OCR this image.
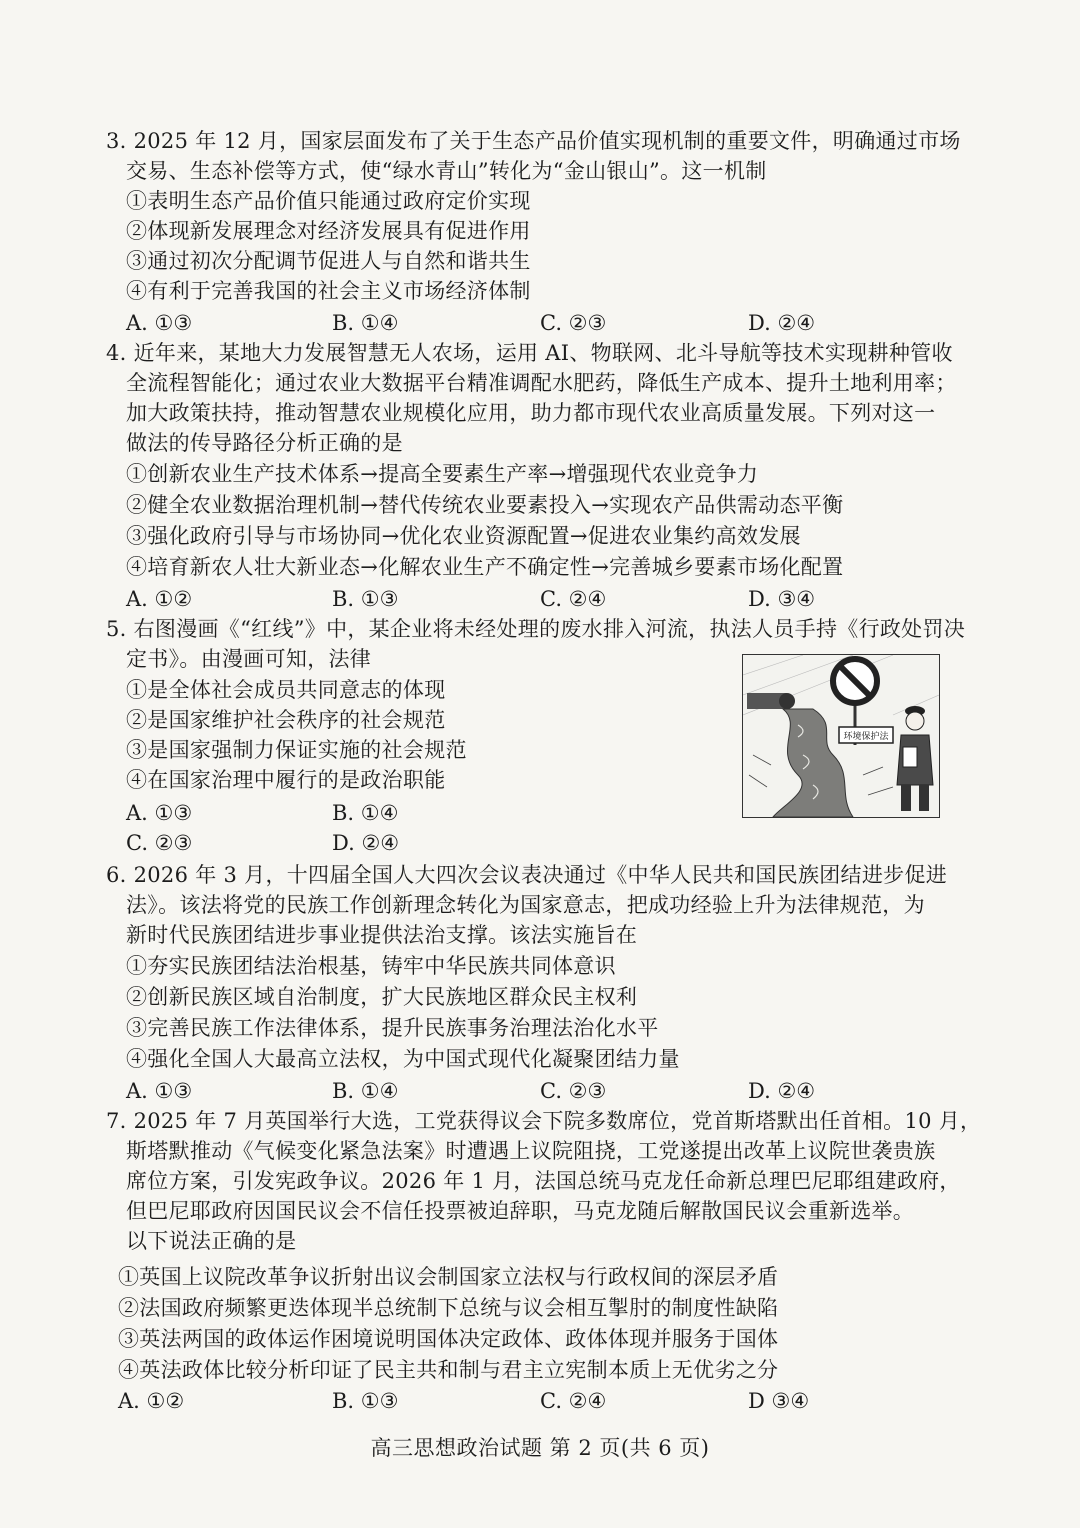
3. 2025 年 12 月，国家层面发布了关于生态产品价值实现机制的重要文件，明确通过市场
交易、生态补偿等方式，使“绿水青山”转化为“金山银山”。这一机制
①表明生态产品价值只能通过政府定价实现
②体现新发展理念对经济发展具有促进作用
③通过初次分配调节促进人与自然和谐共生
④有利于完善我国的社会主义市场经济体制
A. ①③	B. ①④	C. ②③	D. ②④
4. 近年来，某地大力发展智慧无人农场，运用 AI、物联网、北斗导航等技术实现耕种管收
全流程智能化；通过农业大数据平台精准调配水肥药，降低生产成本、提升土地利用率；
加大政策扶持，推动智慧农业规模化应用，助力都市现代农业高质量发展。下列对这一
做法的传导路径分析正确的是
①创新农业生产技术体系→提高全要素生产率→增强现代农业竞争力
②健全农业数据治理机制→替代传统农业要素投入→实现农产品供需动态平衡
③强化政府引导与市场协同→优化农业资源配置→促进农业集约高效发展
④培育新农人壮大新业态→化解农业生产不确定性→完善城乡要素市场化配置
A. ①②	B. ①③	C. ②④	D. ③④
5. 右图漫画《“红线”》中，某企业将未经处理的废水排入河流，执法人员手持《行政处罚决
定书》。由漫画可知，法律
①是全体社会成员共同意志的体现
②是国家维护社会秩序的社会规范
③是国家强制力保证实施的社会规范
④在国家治理中履行的是政治职能
A. ①③	B. ①④
C. ②③	D. ②④
环境保护法
6. 2026 年 3 月，十四届全国人大四次会议表决通过《中华人民共和国民族团结进步促进
法》。该法将党的民族工作创新理念转化为国家意志，把成功经验上升为法律规范，为
新时代民族团结进步事业提供法治支撑。该法实施旨在
①夯实民族团结法治根基，铸牢中华民族共同体意识
②创新民族区域自治制度，扩大民族地区群众民主权利
③完善民族工作法律体系，提升民族事务治理法治化水平
④强化全国人大最高立法权，为中国式现代化凝聚团结力量
A. ①③	B. ①④	C. ②③	D. ②④
7. 2025 年 7 月英国举行大选，工党获得议会下院多数席位，党首斯塔默出任首相。10 月，
斯塔默推动《气候变化紧急法案》时遭遇上议院阻挠，工党遂提出改革上议院世袭贵族
席位方案，引发宪政争议。2026 年 1 月，法国总统马克龙任命新总理巴尼耶组建政府，
但巴尼耶政府因国民议会不信任投票被迫辞职，马克龙随后解散国民议会重新选举。
以下说法正确的是
①英国上议院改革争议折射出议会制国家立法权与行政权间的深层矛盾
②法国政府频繁更迭体现半总统制下总统与议会相互掣肘的制度性缺陷
③英法两国的政体运作困境说明国体决定政体、政体体现并服务于国体
④英法政体比较分析印证了民主共和制与君主立宪制本质上无优劣之分
A. ①②	B. ①③	C. ②④	D ③④
高三思想政治试题 第 2 页(共 6 页)
